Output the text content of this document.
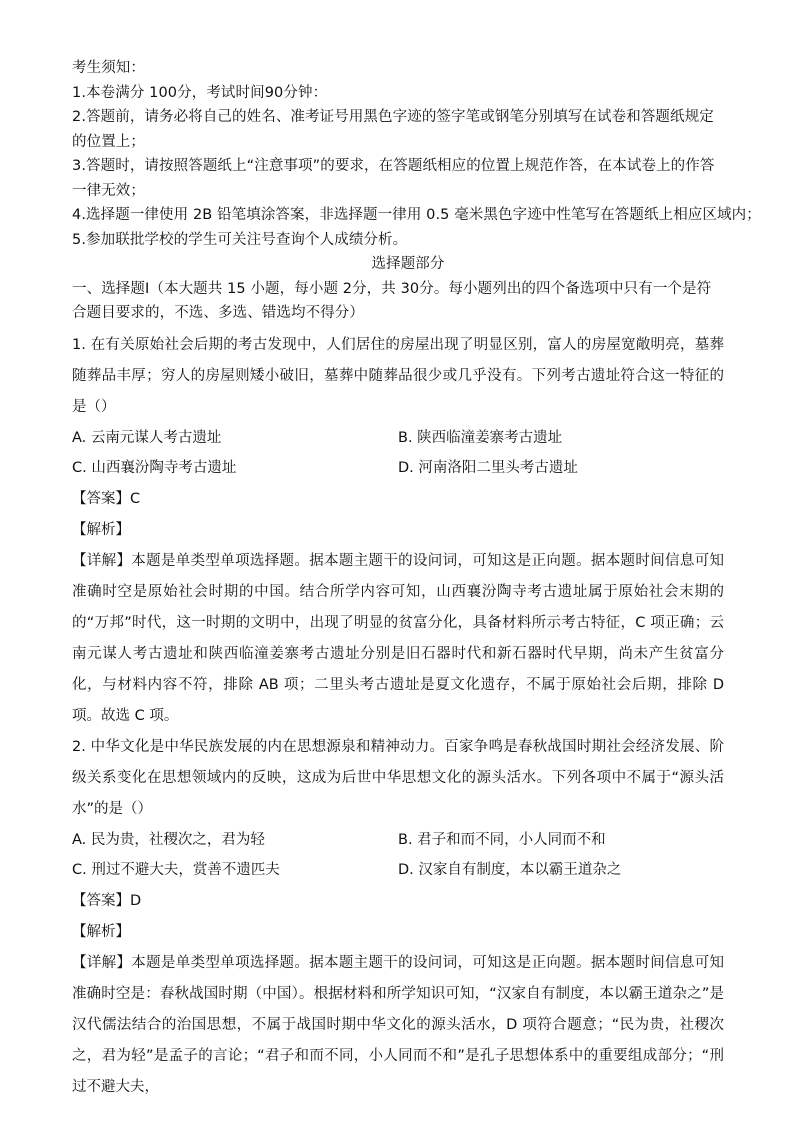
考生须知：
1.本卷满分 100分，考试时间90分钟：
2.答题前，请务必将自己的姓名、准考证号用黑色字迹的签字笔或钢笔分别填写在试卷和答题纸规定的位置上；
3.答题时，请按照答题纸上“注意事项”的要求，在答题纸相应的位置上规范作答，在本试卷上的作答一律无效；
4.选择题一律使用 2B 铅笔填涂答案，非选择题一律用 0.5 毫米黑色字迹中性笔写在答题纸上相应区域内；
5.参加联批学校的学生可关注号查询个人成绩分析。
选择题部分
一、选择题Ⅰ（本大题共 15 小题，每小题 2分，共 30分。每小题列出的四个备选项中只有一个是符合题目要求的，不选、多选、错选均不得分）
1. 在有关原始社会后期的考古发现中，人们居住的房屋出现了明显区别，富人的房屋宽敞明亮，墓葬随葬品丰厚；穷人的房屋则矮小破旧，墓葬中随葬品很少或几乎没有。下列考古遗址符合这一特征的是（）
A. 云南元谋人考古遗址	B. 陕西临潼姜寨考古遗址
C. 山西襄汾陶寺考古遗址	D. 河南洛阳二里头考古遗址
【答案】C
【解析】
【详解】本题是单类型单项选择题。据本题主题干的设问词，可知这是正向题。据本题时间信息可知准确时空是原始社会时期的中国。结合所学内容可知，山西襄汾陶寺考古遗址属于原始社会末期的的“万邦”时代，这一时期的文明中，出现了明显的贫富分化，具备材料所示考古特征，C 项正确；云南元谋人考古遗址和陕西临潼姜寨考古遗址分别是旧石器时代和新石器时代早期，尚未产生贫富分化，与材料内容不符，排除 AB 项；二里头考古遗址是夏文化遗存，不属于原始社会后期，排除 D 项。故选 C 项。
2. 中华文化是中华民族发展的内在思想源泉和精神动力。百家争鸣是春秋战国时期社会经济发展、阶级关系变化在思想领域内的反映，这成为后世中华思想文化的源头活水。下列各项中不属于“源头活水”的是（）
A. 民为贵，社稷次之，君为轻	B. 君子和而不同，小人同而不和
C. 刑过不避大夫，赏善不遗匹夫	D. 汉家自有制度，本以霸王道杂之
【答案】D
【解析】
【详解】本题是单类型单项选择题。据本题主题干的设问词，可知这是正向题。据本题时间信息可知准确时空是：春秋战国时期（中国）。根据材料和所学知识可知，“汉家自有制度，本以霸王道杂之”是汉代儒法结合的治国思想，不属于战国时期中华文化的源头活水，D 项符合题意；“民为贵，社稷次之，君为轻”是孟子的言论；“君子和而不同，小人同而不和”是孔子思想体系中的重要组成部分；“刑过不避大夫，
